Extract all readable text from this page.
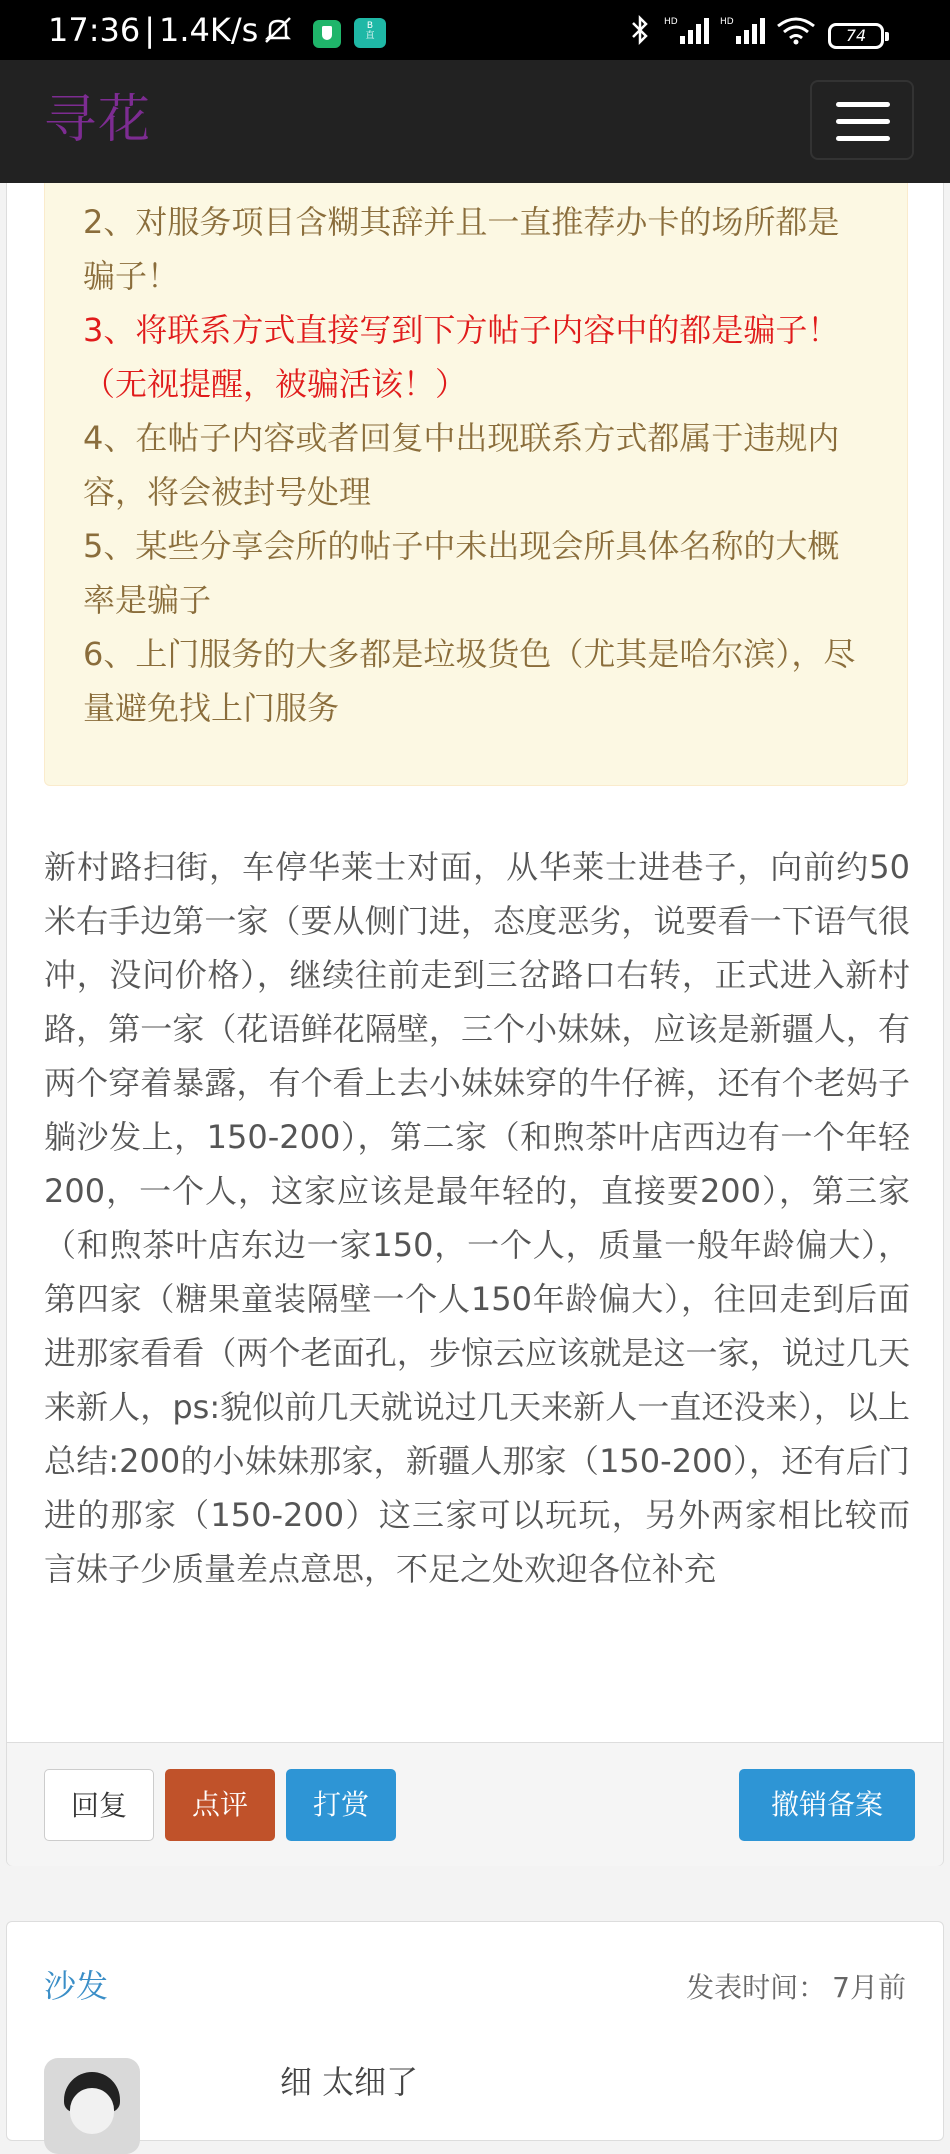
17:36 | 1.4K/s	B
直
HD	HD
74
寻花

2、对服务项目含糊其辞并且一直推荐办卡的场所都是骗子！

3、将联系方式直接写到下方帖子内容中的都是骗子！（无视提醒，被骗活该！）

4、在帖子内容或者回复中出现联系方式都属于违规内容，将会被封号处理

5、某些分享会所的帖子中未出现会所具体名称的大概率是骗子

6、上门服务的大多都是垃圾货色（尤其是哈尔滨），尽量避免找上门服务

新村路扫街，车停华莱士对面，从华莱士进巷子，向前约50米右手边第一家（要从侧门进，态度恶劣，说要看一下语气很冲，没问价格），继续往前走到三岔路口右转，正式进入新村路，第一家（花语鲜花隔壁，三个小妹妹，应该是新疆人，有两个穿着暴露，有个看上去小妹妹穿的牛仔裤，还有个老妈子躺沙发上，150-200），第二家（和煦茶叶店西边有一个年轻200，一个人，这家应该是最年轻的，直接要200），第三家（和煦茶叶店东边一家150，一个人，质量一般年龄偏大），第四家（糖果童装隔壁一个人150年龄偏大），往回走到后面进那家看看（两个老面孔，步惊云应该就是这一家，说过几天来新人，ps:貌似前几天就说过几天来新人一直还没来），以上总结:200的小妹妹那家，新疆人那家（150-200），还有后门进的那家（150-200）这三家可以玩玩，另外两家相比较而言妹子少质量差点意思，不足之处欢迎各位补充
回复	点评	打赏	撤销备案
沙发	发表时间： 7月前
细 太细了
